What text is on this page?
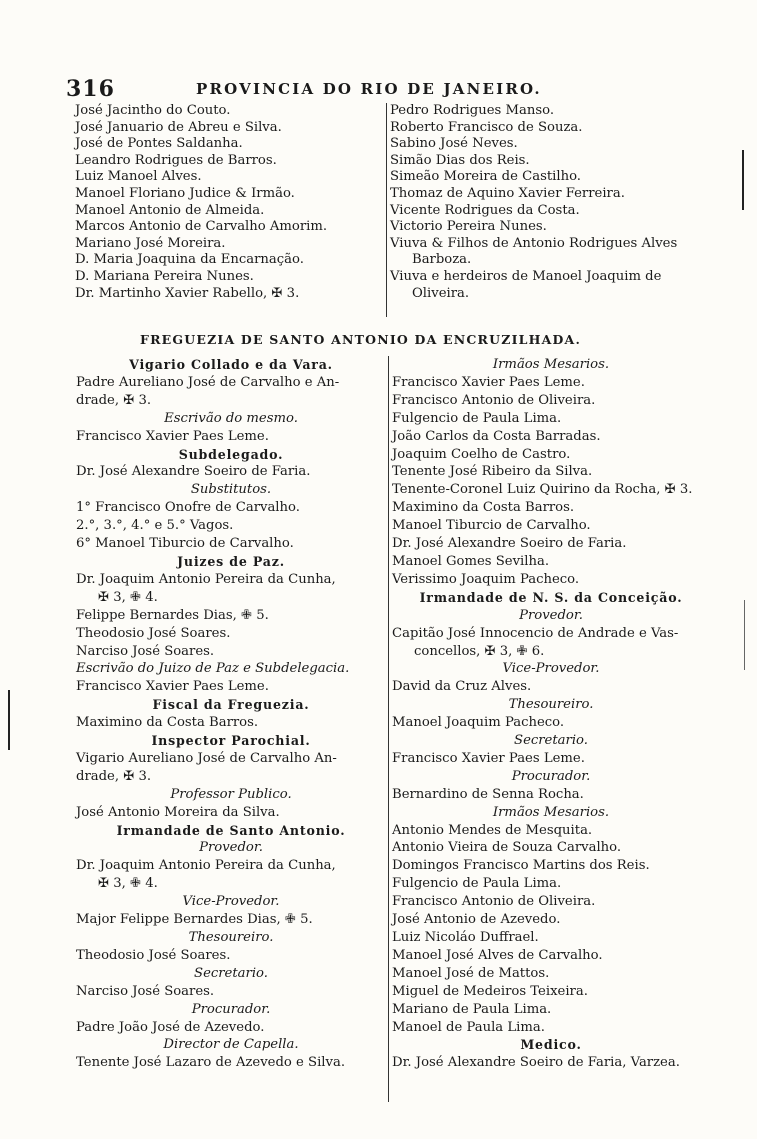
316	PROVINCIA DO RIO DE JANEIRO.
José Jacintho do Couto.
José Januario de Abreu e Silva.
José de Pontes Saldanha.
Leandro Rodrigues de Barros.
Luiz Manoel Alves.
Manoel Floriano Judice & Irmão.
Manoel Antonio de Almeida.
Marcos Antonio de Carvalho Amorim.
Mariano José Moreira.
D. Maria Joaquina da Encarnação.
D. Mariana Pereira Nunes.
Dr. Martinho Xavier Rabello, ✠ 3.
Pedro Rodrigues Manso.
Roberto Francisco de Souza.
Sabino José Neves.
Simão Dias dos Reis.
Simeão Moreira de Castilho.
Thomaz de Aquino Xavier Ferreira.
Vicente Rodrigues da Costa.
Victorio Pereira Nunes.
Viuva & Filhos de Antonio Rodrigues Alves
Barboza.
Viuva e herdeiros de Manoel Joaquim de
Oliveira.
FREGUEZIA DE SANTO ANTONIO DA ENCRUZILHADA.
Vigario Collado e da Vara.
Padre Aureliano José de Carvalho e An-
drade, ✠ 3.
Escrivão do mesmo.
Francisco Xavier Paes Leme.
Subdelegado.
Dr. José Alexandre Soeiro de Faria.
Substitutos.
1° Francisco Onofre de Carvalho.
2.°, 3.°, 4.° e 5.° Vagos.
6° Manoel Tiburcio de Carvalho.
Juizes de Paz.
Dr. Joaquim Antonio Pereira da Cunha,
✠ 3, ✙ 4.
Felippe Bernardes Dias, ✙ 5.
Theodosio José Soares.
Narciso José Soares.
Escrivão do Juizo de Paz e Subdelegacia.
Francisco Xavier Paes Leme.
Fiscal da Freguezia.
Maximino da Costa Barros.
Inspector Parochial.
Vigario Aureliano José de Carvalho An-
drade, ✠ 3.
Professor Publico.
José Antonio Moreira da Silva.
Irmandade de Santo Antonio.
Provedor.
Dr. Joaquim Antonio Pereira da Cunha,
✠ 3, ✙ 4.
Vice-Provedor.
Major Felippe Bernardes Dias, ✙ 5.
Thesoureiro.
Theodosio José Soares.
Secretario.
Narciso José Soares.
Procurador.
Padre João José de Azevedo.
Director de Capella.
Tenente José Lazaro de Azevedo e Silva.
Irmãos Mesarios.
Francisco Xavier Paes Leme.
Francisco Antonio de Oliveira.
Fulgencio de Paula Lima.
João Carlos da Costa Barradas.
Joaquim Coelho de Castro.
Tenente José Ribeiro da Silva.
Tenente-Coronel Luiz Quirino da Rocha, ✠ 3.
Maximino da Costa Barros.
Manoel Tiburcio de Carvalho.
Dr. José Alexandre Soeiro de Faria.
Manoel Gomes Sevilha.
Verissimo Joaquim Pacheco.
Irmandade de N. S. da Conceição.
Provedor.
Capitão José Innocencio de Andrade e Vas-
concellos, ✠ 3, ✙ 6.
Vice-Provedor.
David da Cruz Alves.
Thesoureiro.
Manoel Joaquim Pacheco.
Secretario.
Francisco Xavier Paes Leme.
Procurador.
Bernardino de Senna Rocha.
Irmãos Mesarios.
Antonio Mendes de Mesquita.
Antonio Vieira de Souza Carvalho.
Domingos Francisco Martins dos Reis.
Fulgencio de Paula Lima.
Francisco Antonio de Oliveira.
José Antonio de Azevedo.
Luiz Nicoláo Duffrael.
Manoel José Alves de Carvalho.
Manoel José de Mattos.
Miguel de Medeiros Teixeira.
Mariano de Paula Lima.
Manoel de Paula Lima.
Medico.
Dr. José Alexandre Soeiro de Faria, Varzea.
